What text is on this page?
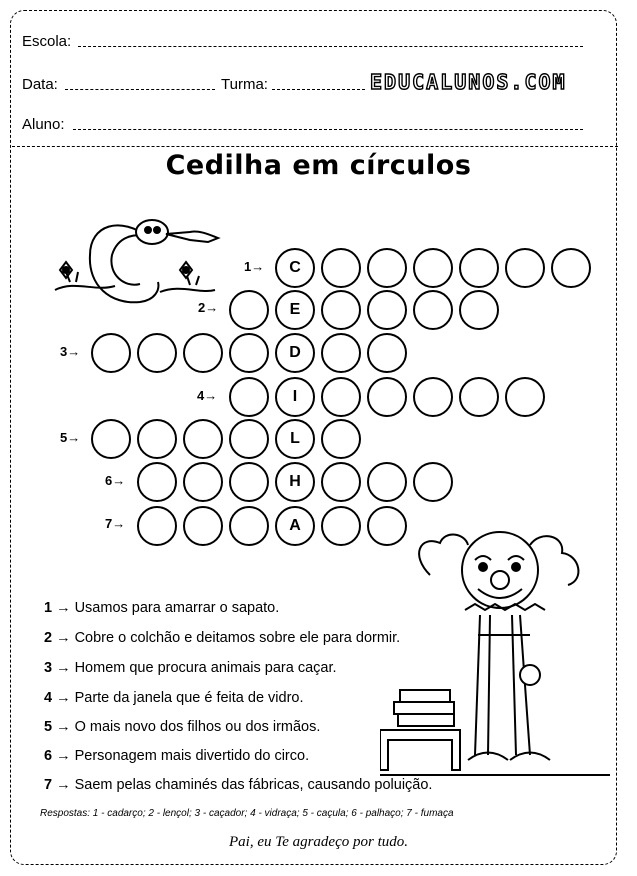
Escola:
Data:	Turma:	EDUCALUNOS.COM
Aluno:
Cedilha em círculos
1→
2→
3→
4→
5→
6→
7→
C
E
D
I
L
H
A
1 → Usamos para amarrar o sapato.
2 → Cobre o colchão e deitamos sobre ele para dormir.
3 → Homem que procura animais para caçar.
4 → Parte da janela que é feita de vidro.
5 → O mais novo dos filhos ou dos irmãos.
6 → Personagem mais divertido do circo.
7 → Saem pelas chaminés das fábricas, causando poluição.
Respostas: 1 - cadarço; 2 - lençol; 3 - caçador; 4 - vidraça; 5 - caçula; 6 - palhaço; 7 - fumaça
Pai, eu Te agradeço por tudo.
